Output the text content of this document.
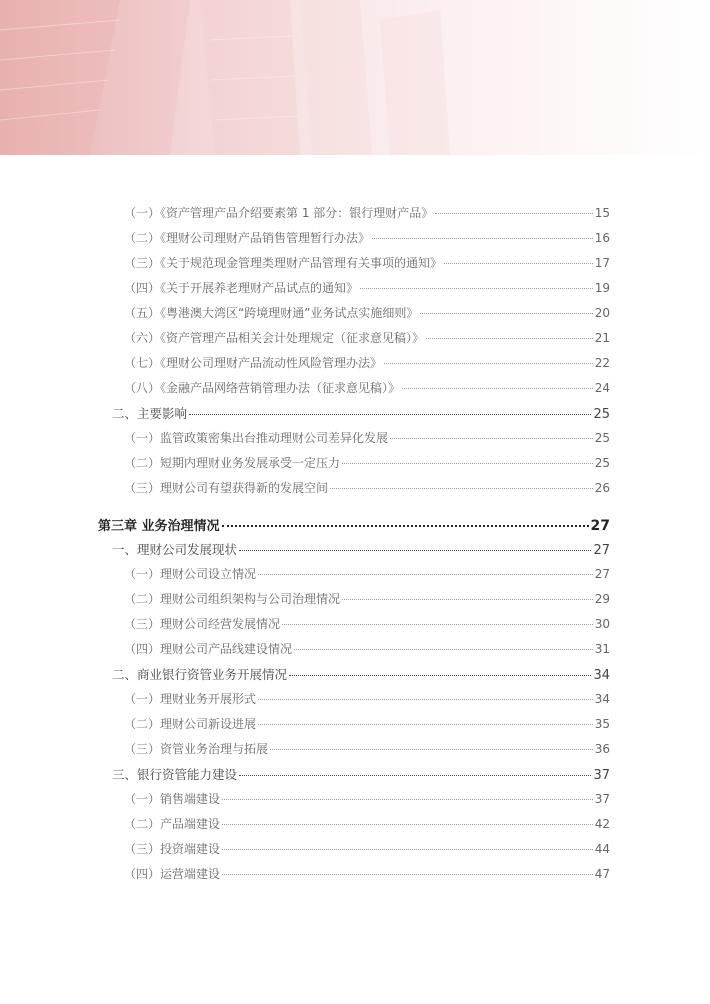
（一）《资产管理产品介绍要素第 1 部分：银行理财产品》	15
（二）《理财公司理财产品销售管理暂行办法》	16
（三）《关于规范现金管理类理财产品管理有关事项的通知》	17
（四）《关于开展养老理财产品试点的通知》	19
（五）《粤港澳大湾区“跨境理财通”业务试点实施细则》	20
（六）《资产管理产品相关会计处理规定（征求意见稿）》	21
（七）《理财公司理财产品流动性风险管理办法》	22
（八）《金融产品网络营销管理办法（征求意见稿）》	24
二、主要影响	25
（一）监管政策密集出台推动理财公司差异化发展	25
（二）短期内理财业务发展承受一定压力	25
（三）理财公司有望获得新的发展空间	26
第三章 业务治理情况	27
一、理财公司发展现状	27
（一）理财公司设立情况	27
（二）理财公司组织架构与公司治理情况	29
（三）理财公司经营发展情况	30
（四）理财公司产品线建设情况	31
二、商业银行资管业务开展情况	34
（一）理财业务开展形式	34
（二）理财公司新设进展	35
（三）资管业务治理与拓展	36
三、银行资管能力建设	37
（一）销售端建设	37
（二）产品端建设	42
（三）投资端建设	44
（四）运营端建设	47
